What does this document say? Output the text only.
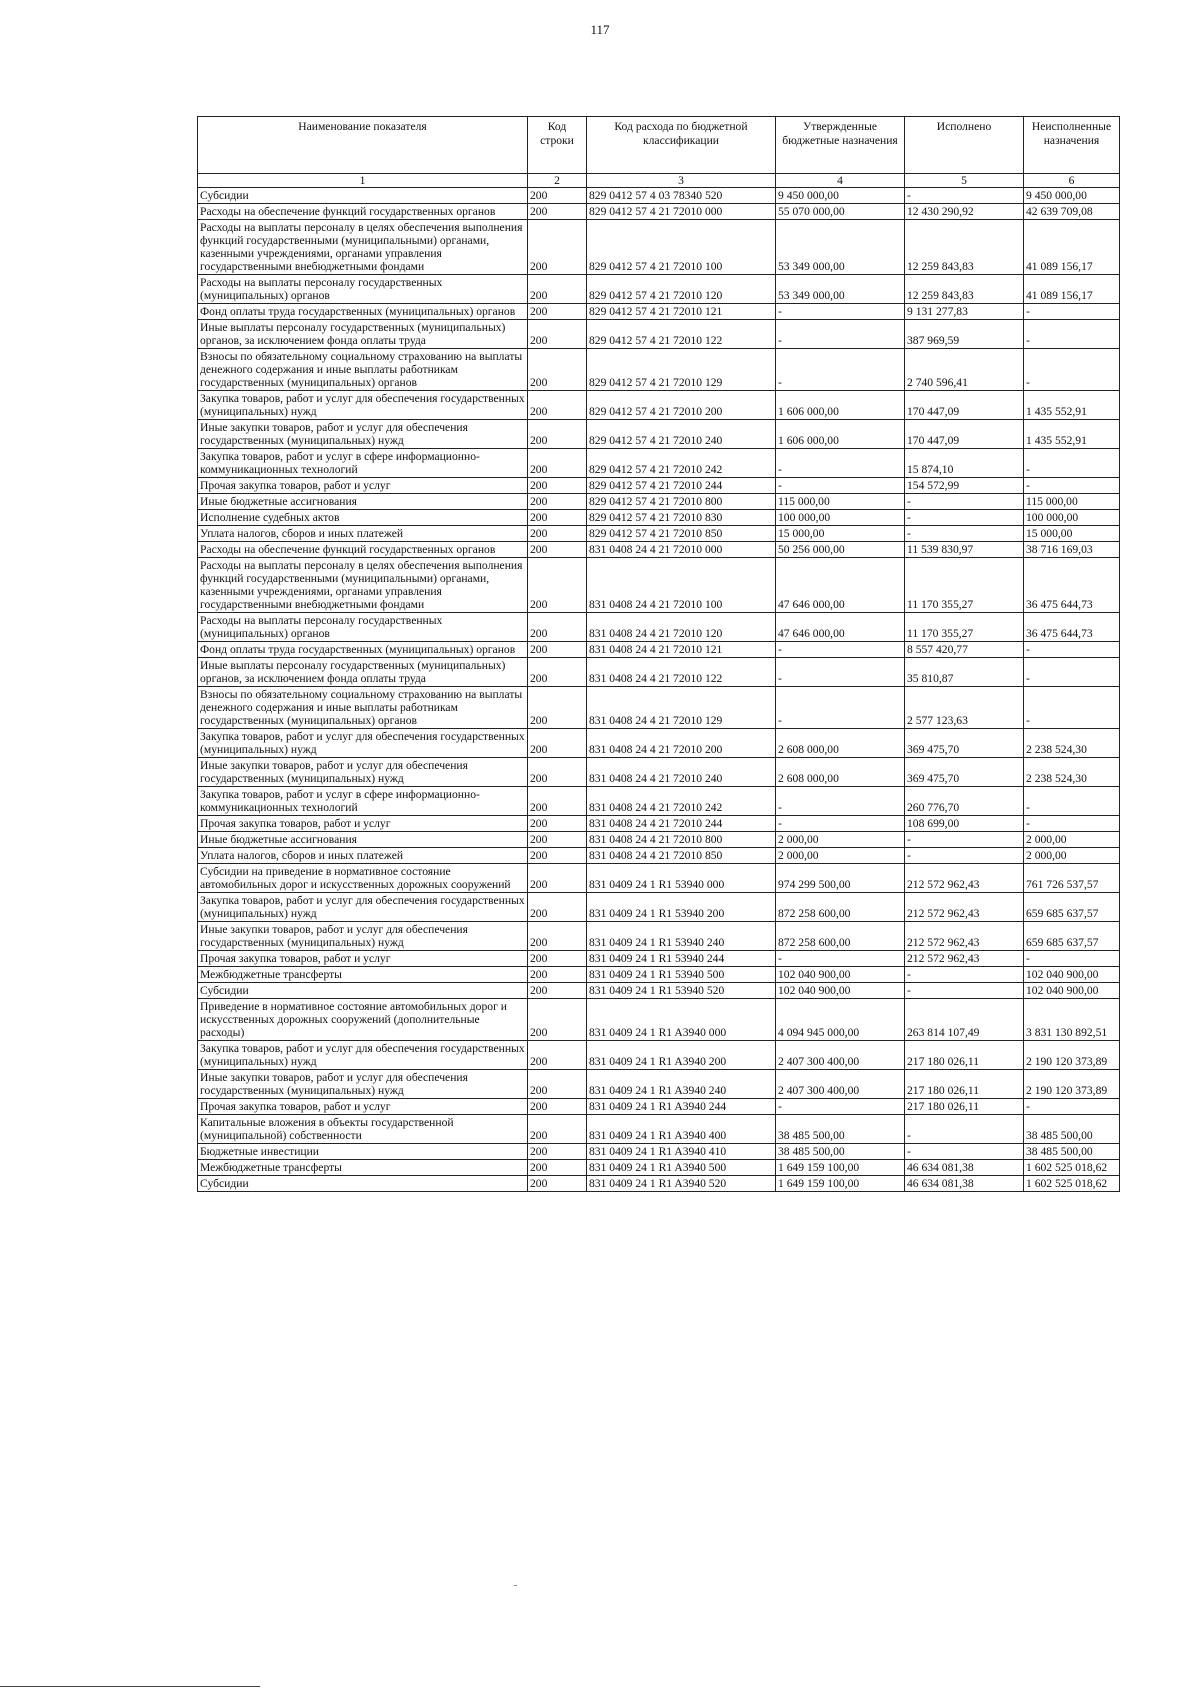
117
Наименование показателя	Код строки	Код расхода по бюджетной классификации	Утвержденные бюджетные назначения	Исполнено	Неисполненные назначения
1	2	3	4	5	6
Субсидии	200	829 0412 57 4 03 78340 520	9 450 000,00	-	9 450 000,00
Расходы на обеспечение функций государственных органов	200	829 0412 57 4 21 72010 000	55 070 000,00	12 430 290,92	42 639 709,08
Расходы на выплаты персоналу в целях обеспечения выполнения функций государственными (муниципальными) органами, казенными учреждениями, органами управления государственными внебюджетными фондами	200	829 0412 57 4 21 72010 100	53 349 000,00	12 259 843,83	41 089 156,17
Расходы на выплаты персоналу государственных (муниципальных) органов	200	829 0412 57 4 21 72010 120	53 349 000,00	12 259 843,83	41 089 156,17
Фонд оплаты труда государственных (муниципальных) органов	200	829 0412 57 4 21 72010 121	-	9 131 277,83	-
Иные выплаты персоналу государственных (муниципальных) органов, за исключением фонда оплаты труда	200	829 0412 57 4 21 72010 122	-	387 969,59	-
Взносы по обязательному социальному страхованию на выплаты денежного содержания и иные выплаты работникам государственных (муниципальных) органов	200	829 0412 57 4 21 72010 129	-	2 740 596,41	-
Закупка товаров, работ и услуг для обеспечения государственных (муниципальных) нужд	200	829 0412 57 4 21 72010 200	1 606 000,00	170 447,09	1 435 552,91
Иные закупки товаров, работ и услуг для обеспечения государственных (муниципальных) нужд	200	829 0412 57 4 21 72010 240	1 606 000,00	170 447,09	1 435 552,91
Закупка товаров, работ и услуг в сфере информационно-коммуникационных технологий	200	829 0412 57 4 21 72010 242	-	15 874,10	-
Прочая закупка товаров, работ и услуг	200	829 0412 57 4 21 72010 244	-	154 572,99	-
Иные бюджетные ассигнования	200	829 0412 57 4 21 72010 800	115 000,00	-	115 000,00
Исполнение судебных актов	200	829 0412 57 4 21 72010 830	100 000,00	-	100 000,00
Уплата налогов, сборов и иных платежей	200	829 0412 57 4 21 72010 850	15 000,00	-	15 000,00
Расходы на обеспечение функций государственных органов	200	831 0408 24 4 21 72010 000	50 256 000,00	11 539 830,97	38 716 169,03
Расходы на выплаты персоналу в целях обеспечения выполнения функций государственными (муниципальными) органами, казенными учреждениями, органами управления государственными внебюджетными фондами	200	831 0408 24 4 21 72010 100	47 646 000,00	11 170 355,27	36 475 644,73
Расходы на выплаты персоналу государственных (муниципальных) органов	200	831 0408 24 4 21 72010 120	47 646 000,00	11 170 355,27	36 475 644,73
Фонд оплаты труда государственных (муниципальных) органов	200	831 0408 24 4 21 72010 121	-	8 557 420,77	-
Иные выплаты персоналу государственных (муниципальных) органов, за исключением фонда оплаты труда	200	831 0408 24 4 21 72010 122	-	35 810,87	-
Взносы по обязательному социальному страхованию на выплаты денежного содержания и иные выплаты работникам государственных (муниципальных) органов	200	831 0408 24 4 21 72010 129	-	2 577 123,63	-
Закупка товаров, работ и услуг для обеспечения государственных (муниципальных) нужд	200	831 0408 24 4 21 72010 200	2 608 000,00	369 475,70	2 238 524,30
Иные закупки товаров, работ и услуг для обеспечения государственных (муниципальных) нужд	200	831 0408 24 4 21 72010 240	2 608 000,00	369 475,70	2 238 524,30
Закупка товаров, работ и услуг в сфере информационно-коммуникационных технологий	200	831 0408 24 4 21 72010 242	-	260 776,70	-
Прочая закупка товаров, работ и услуг	200	831 0408 24 4 21 72010 244	-	108 699,00	-
Иные бюджетные ассигнования	200	831 0408 24 4 21 72010 800	2 000,00	-	2 000,00
Уплата налогов, сборов и иных платежей	200	831 0408 24 4 21 72010 850	2 000,00	-	2 000,00
Субсидии на приведение в нормативное состояние автомобильных дорог и искусственных дорожных сооружений	200	831 0409 24 1 R1 53940 000	974 299 500,00	212 572 962,43	761 726 537,57
Закупка товаров, работ и услуг для обеспечения государственных (муниципальных) нужд	200	831 0409 24 1 R1 53940 200	872 258 600,00	212 572 962,43	659 685 637,57
Иные закупки товаров, работ и услуг для обеспечения государственных (муниципальных) нужд	200	831 0409 24 1 R1 53940 240	872 258 600,00	212 572 962,43	659 685 637,57
Прочая закупка товаров, работ и услуг	200	831 0409 24 1 R1 53940 244	-	212 572 962,43	-
Межбюджетные трансферты	200	831 0409 24 1 R1 53940 500	102 040 900,00	-	102 040 900,00
Субсидии	200	831 0409 24 1 R1 53940 520	102 040 900,00	-	102 040 900,00
Приведение в нормативное состояние автомобильных дорог и искусственных дорожных сооружений (дополнительные расходы)	200	831 0409 24 1 R1 A3940 000	4 094 945 000,00	263 814 107,49	3 831 130 892,51
Закупка товаров, работ и услуг для обеспечения государственных (муниципальных) нужд	200	831 0409 24 1 R1 A3940 200	2 407 300 400,00	217 180 026,11	2 190 120 373,89
Иные закупки товаров, работ и услуг для обеспечения государственных (муниципальных) нужд	200	831 0409 24 1 R1 A3940 240	2 407 300 400,00	217 180 026,11	2 190 120 373,89
Прочая закупка товаров, работ и услуг	200	831 0409 24 1 R1 A3940 244	-	217 180 026,11	-
Капитальные вложения в объекты государственной (муниципальной) собственности	200	831 0409 24 1 R1 A3940 400	38 485 500,00	-	38 485 500,00
Бюджетные инвестиции	200	831 0409 24 1 R1 A3940 410	38 485 500,00	-	38 485 500,00
Межбюджетные трансферты	200	831 0409 24 1 R1 A3940 500	1 649 159 100,00	46 634 081,38	1 602 525 018,62
Субсидии	200	831 0409 24 1 R1 A3940 520	1 649 159 100,00	46 634 081,38	1 602 525 018,62
